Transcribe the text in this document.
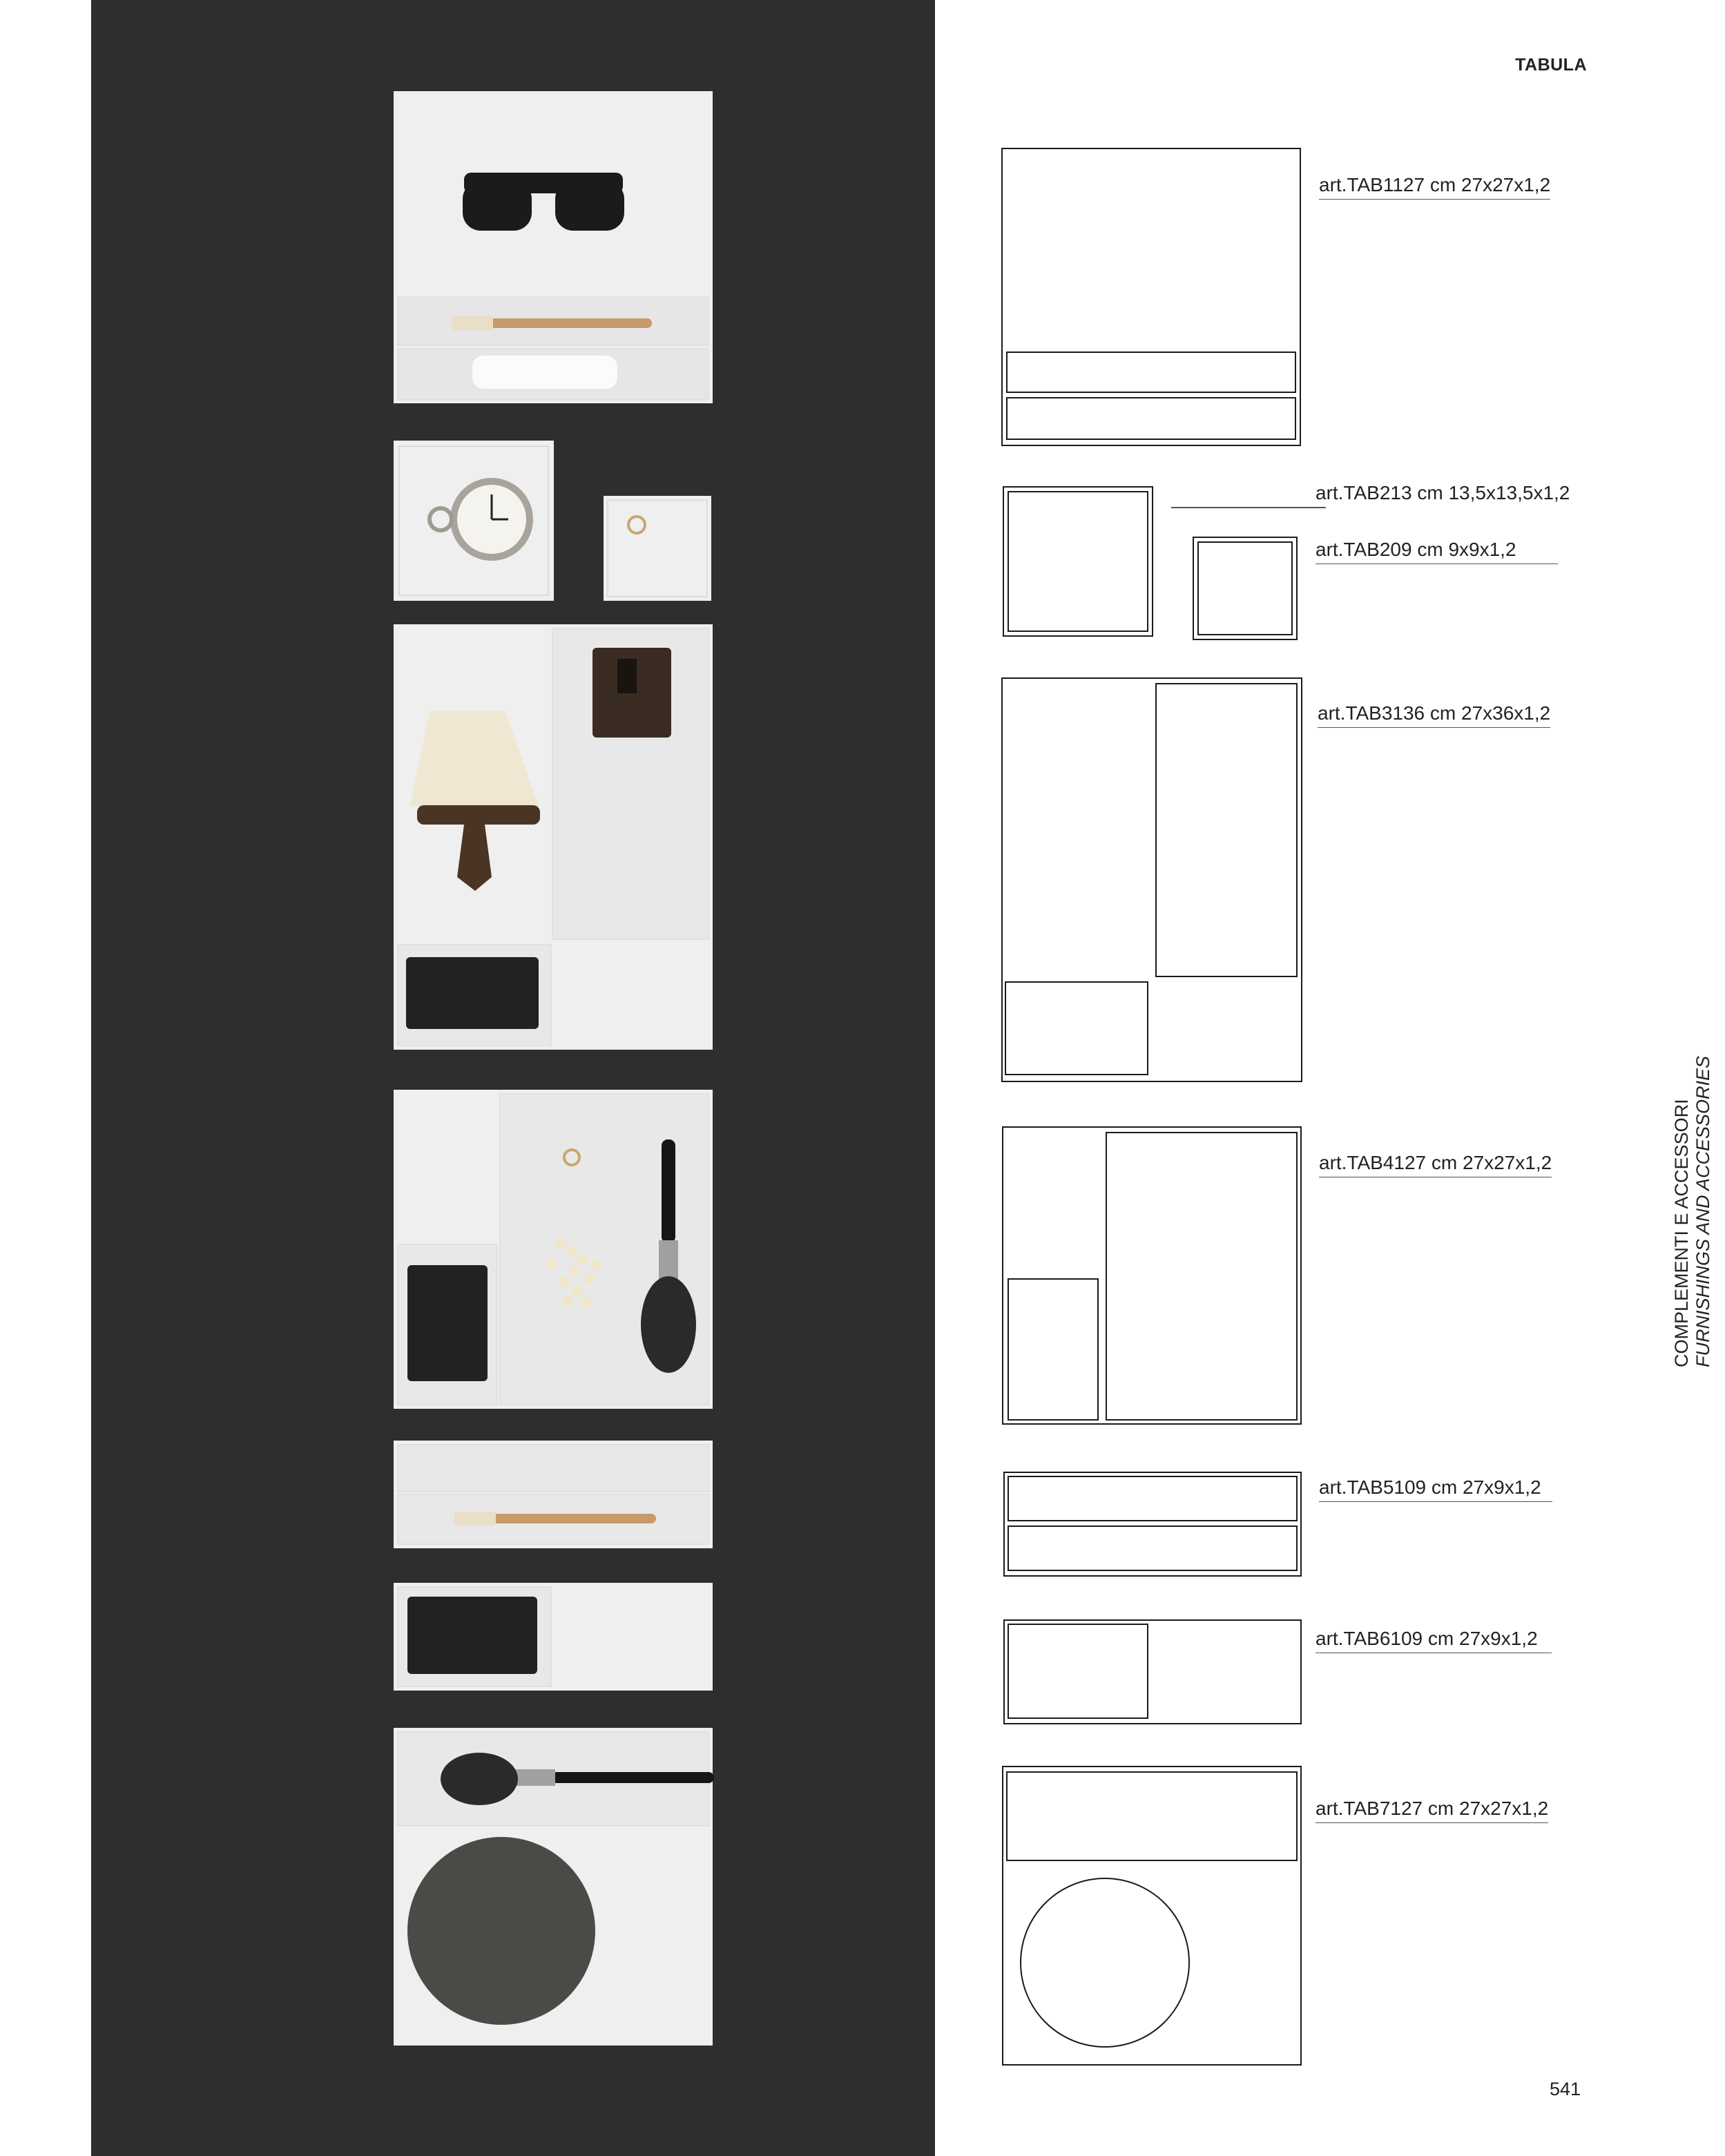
TABULA
COMPLEMENTI E ACCESSORI FURNISHINGS AND ACCESSORIES
541
art.TAB1127 cm 27x27x1,2
art.TAB213 cm 13,5x13,5x1,2
art.TAB209 cm 9x9x1,2
art.TAB3136 cm 27x36x1,2
art.TAB4127 cm 27x27x1,2
art.TAB5109 cm 27x9x1,2
art.TAB6109 cm 27x9x1,2
art.TAB7127 cm 27x27x1,2
